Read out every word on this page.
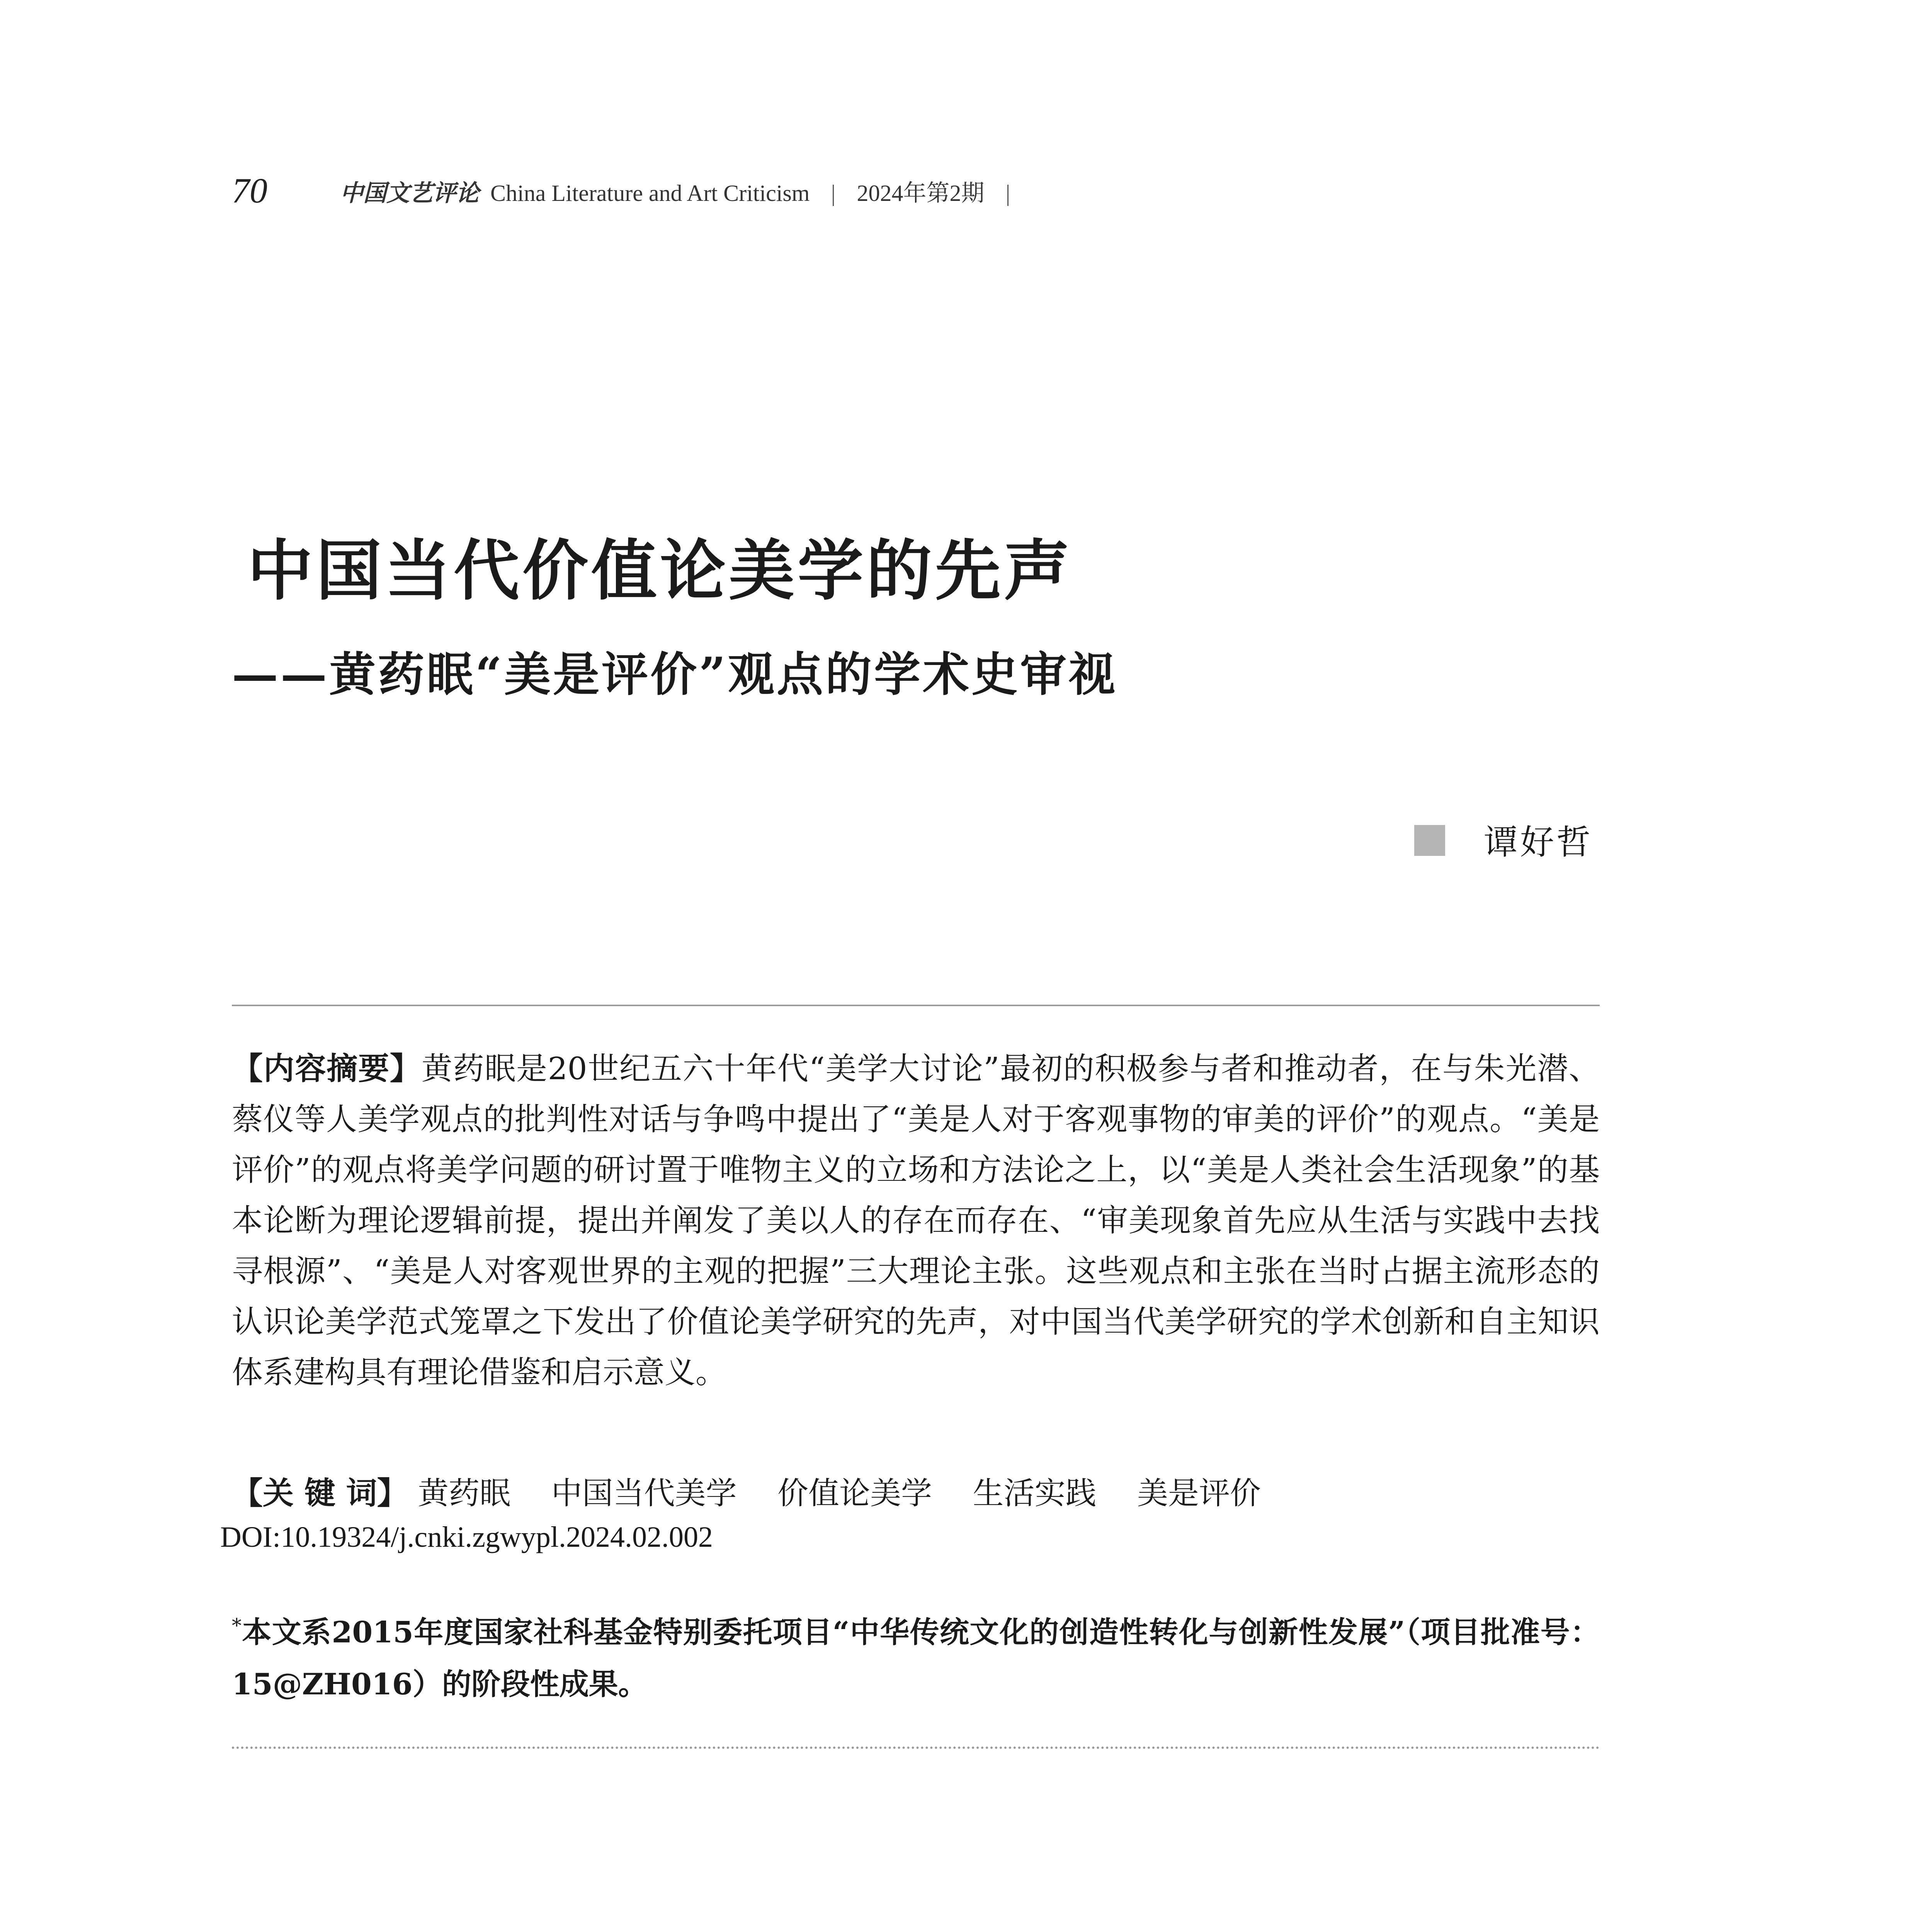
70	中国文艺评论 China Literature and Art Criticism | 2024年第2期 |
中国当代价值论美学的先声
——黄药眠“美是评价”观点的学术史审视
谭好哲
【内容摘要】黄药眠是20世纪五六十年代“美学大讨论”最初的积极参与者和推动者，在与朱光潜、蔡仪等人美学观点的批判性对话与争鸣中提出了“美是人对于客观事物的审美的评价”的观点。“美是评价”的观点将美学问题的研讨置于唯物主义的立场和方法论之上，以“美是人类社会生活现象”的基本论断为理论逻辑前提，提出并阐发了美以人的存在而存在、“审美现象首先应从生活与实践中去找寻根源”、“美是人对客观世界的主观的把握”三大理论主张。这些观点和主张在当时占据主流形态的认识论美学范式笼罩之下发出了价值论美学研究的先声，对中国当代美学研究的学术创新和自主知识体系建构具有理论借鉴和启示意义。
【关 键 词】 黄药眠 中国当代美学 价值论美学 生活实践 美是评价
DOI:10.19324/j.cnki.zgwypl.2024.02.002
*本文系2015年度国家社科基金特别委托项目“中华传统文化的创造性转化与创新性发展”（项目批准号：15@ZH016）的阶段性成果。
